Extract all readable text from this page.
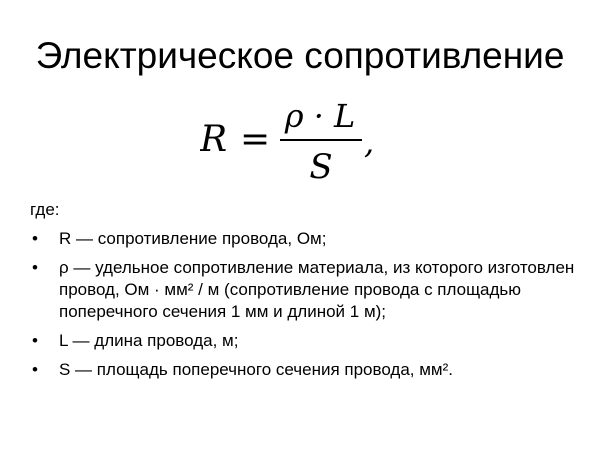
Электрическое сопротивление
R =
ρ · L
S
,

где:

• R — сопротивление провода, Ом;
• ρ — удельное сопротивление материала, из которого изготовлен провод, Ом · мм² / м (сопротивление провода с площадью поперечного сечения 1 мм и длиной 1 м);
• L — длина провода, м;
• S — площадь поперечного сечения провода, мм².
